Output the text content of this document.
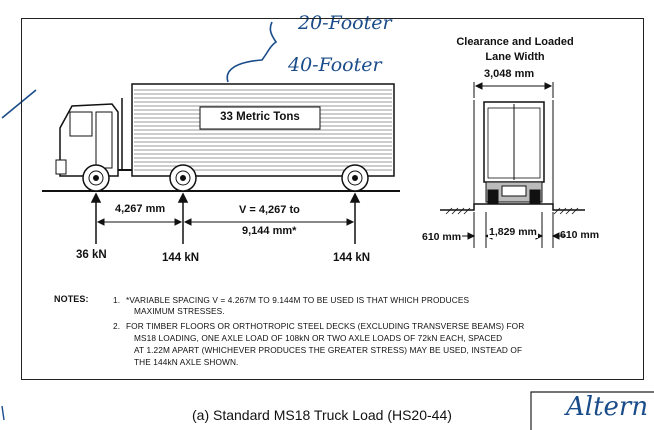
20-Footer
40-Footer
Altern
33 Metric Tons
4,267 mm	V = 4,267 to
9,144 mm*
36 kN	144 kN	144 kN
Clearance and Loaded
Lane Width
3,048 mm
610 mm	1,829 mm 610 mm
NOTES:	1. *VARIABLE SPACING V = 4.267M TO 9.144M TO BE USED IS THAT WHICH PRODUCES
MAXIMUM STRESSES.
2. FOR TIMBER FLOORS OR ORTHOTROPIC STEEL DECKS (EXCLUDING TRANSVERSE BEAMS) FOR
MS18 LOADING, ONE AXLE LOAD OF 108kN OR TWO AXLE LOADS OF 72kN EACH, SPACED
AT 1.22M APART (WHICHEVER PRODUCES THE GREATER STRESS) MAY BE USED, INSTEAD OF
THE 144kN AXLE SHOWN.
(a) Standard MS18 Truck Load (HS20-44)
